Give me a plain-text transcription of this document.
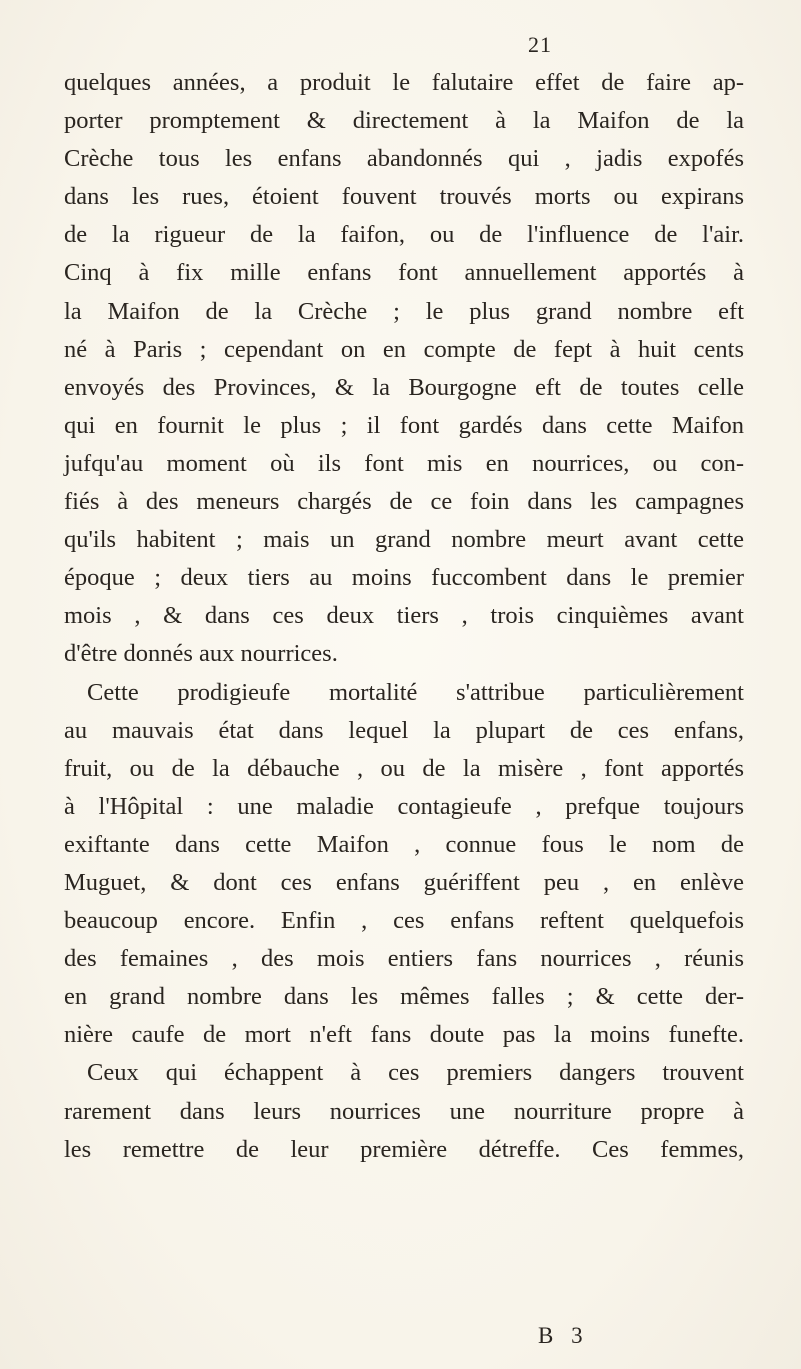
21
quelques années, a produit le falutaire effet de faire ap-
porter promptement & directement à la Maifon de la
Crèche tous les enfans abandonnés qui , jadis expofés
dans les rues, étoient fouvent trouvés morts ou expirans
de la rigueur de la faifon, ou de l'influence de l'air.
Cinq à fix mille enfans font annuellement apportés à
la Maifon de la Crèche ; le plus grand nombre eft
né à Paris ; cependant on en compte de fept à huit cents
envoyés des Provinces, & la Bourgogne eft de toutes celle
qui en fournit le plus ; il font gardés dans cette Maifon
jufqu'au moment où ils font mis en nourrices, ou con-
fiés à des meneurs chargés de ce foin dans les campagnes
qu'ils habitent ; mais un grand nombre meurt avant cette
époque ; deux tiers au moins fuccombent dans le premier
mois , & dans ces deux tiers , trois cinquièmes avant
d'être donnés aux nourrices.
Cette prodigieufe mortalité s'attribue particulièrement
au mauvais état dans lequel la plupart de ces enfans,
fruit, ou de la débauche , ou de la misère , font apportés
à l'Hôpital : une maladie contagieufe , prefque toujours
exiftante dans cette Maifon , connue fous le nom de
Muguet, & dont ces enfans guériffent peu , en enlève
beaucoup encore. Enfin , ces enfans reftent quelquefois
des femaines , des mois entiers fans nourrices , réunis
en grand nombre dans les mêmes falles ; & cette der-
nière caufe de mort n'eft fans doute pas la moins funefte.
Ceux qui échappent à ces premiers dangers trouvent
rarement dans leurs nourrices une nourriture propre à
les remettre de leur première détreffe. Ces femmes,
B 3
